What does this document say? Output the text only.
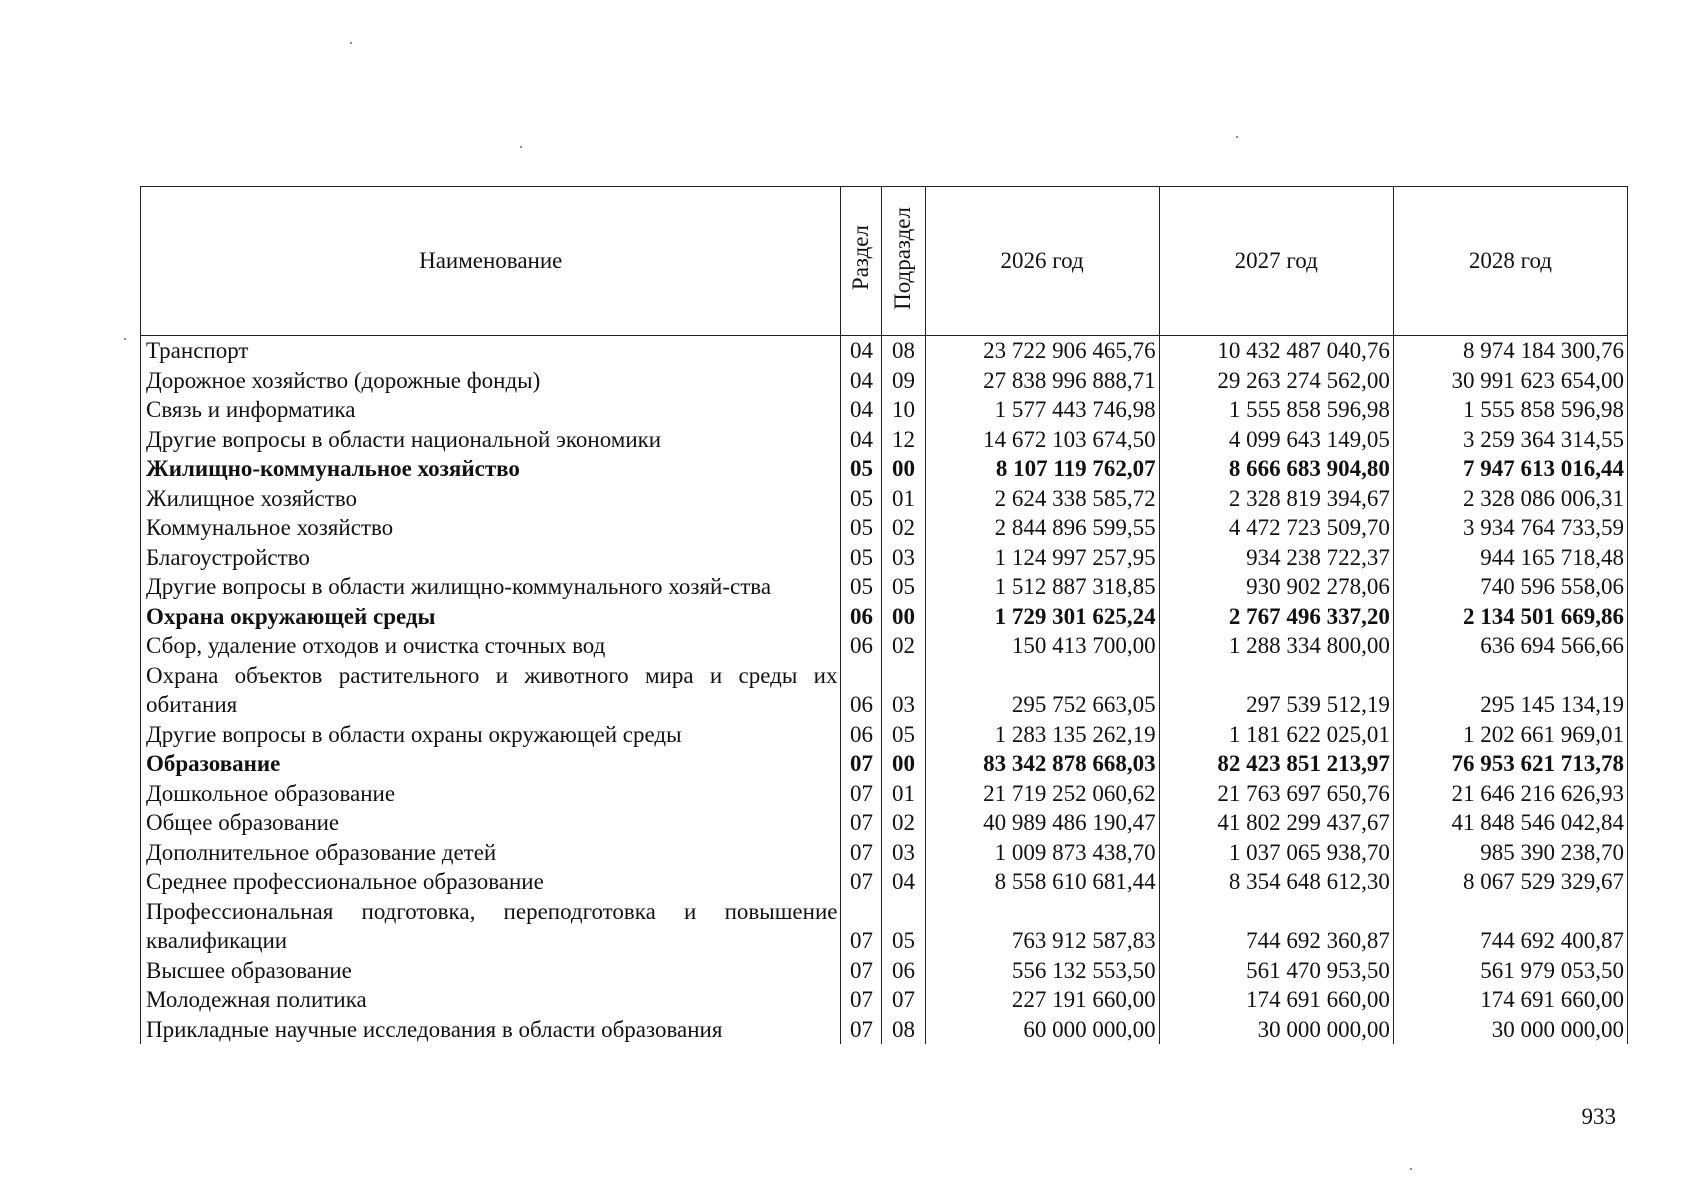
Наименование	Раздел	Подраздел	2026 год	2027 год	2028 год
Транспорт	04	08	23 722 906 465,76	10 432 487 040,76	8 974 184 300,76
Дорожное хозяйство (дорожные фонды)	04	09	27 838 996 888,71	29 263 274 562,00	30 991 623 654,00
Связь и информатика	04	10	1 577 443 746,98	1 555 858 596,98	1 555 858 596,98
Другие вопросы в области национальной экономики	04	12	14 672 103 674,50	4 099 643 149,05	3 259 364 314,55
Жилищно-коммунальное хозяйство	05	00	8 107 119 762,07	8 666 683 904,80	7 947 613 016,44
Жилищное хозяйство	05	01	2 624 338 585,72	2 328 819 394,67	2 328 086 006,31
Коммунальное хозяйство	05	02	2 844 896 599,55	4 472 723 509,70	3 934 764 733,59
Благоустройство	05	03	1 124 997 257,95	934 238 722,37	944 165 718,48
Другие вопросы в области жилищно-коммунального хозяй-ства	05	05	1 512 887 318,85	930 902 278,06	740 596 558,06
Охрана окружающей среды	06	00	1 729 301 625,24	2 767 496 337,20	2 134 501 669,86
Сбор, удаление отходов и очистка сточных вод	06	02	150 413 700,00	1 288 334 800,00	636 694 566,66
Охрана объектов растительного и животного мира и среды их обитания	06	03	295 752 663,05	297 539 512,19	295 145 134,19
Другие вопросы в области охраны окружающей среды	06	05	1 283 135 262,19	1 181 622 025,01	1 202 661 969,01
Образование	07	00	83 342 878 668,03	82 423 851 213,97	76 953 621 713,78
Дошкольное образование	07	01	21 719 252 060,62	21 763 697 650,76	21 646 216 626,93
Общее образование	07	02	40 989 486 190,47	41 802 299 437,67	41 848 546 042,84
Дополнительное образование детей	07	03	1 009 873 438,70	1 037 065 938,70	985 390 238,70
Среднее профессиональное образование	07	04	8 558 610 681,44	8 354 648 612,30	8 067 529 329,67
Профессиональная подготовка, переподготовка и повышение квалификации	07	05	763 912 587,83	744 692 360,87	744 692 400,87
Высшее образование	07	06	556 132 553,50	561 470 953,50	561 979 053,50
Молодежная политика	07	07	227 191 660,00	174 691 660,00	174 691 660,00
Прикладные научные исследования в области образования	07	08	60 000 000,00	30 000 000,00	30 000 000,00
933
